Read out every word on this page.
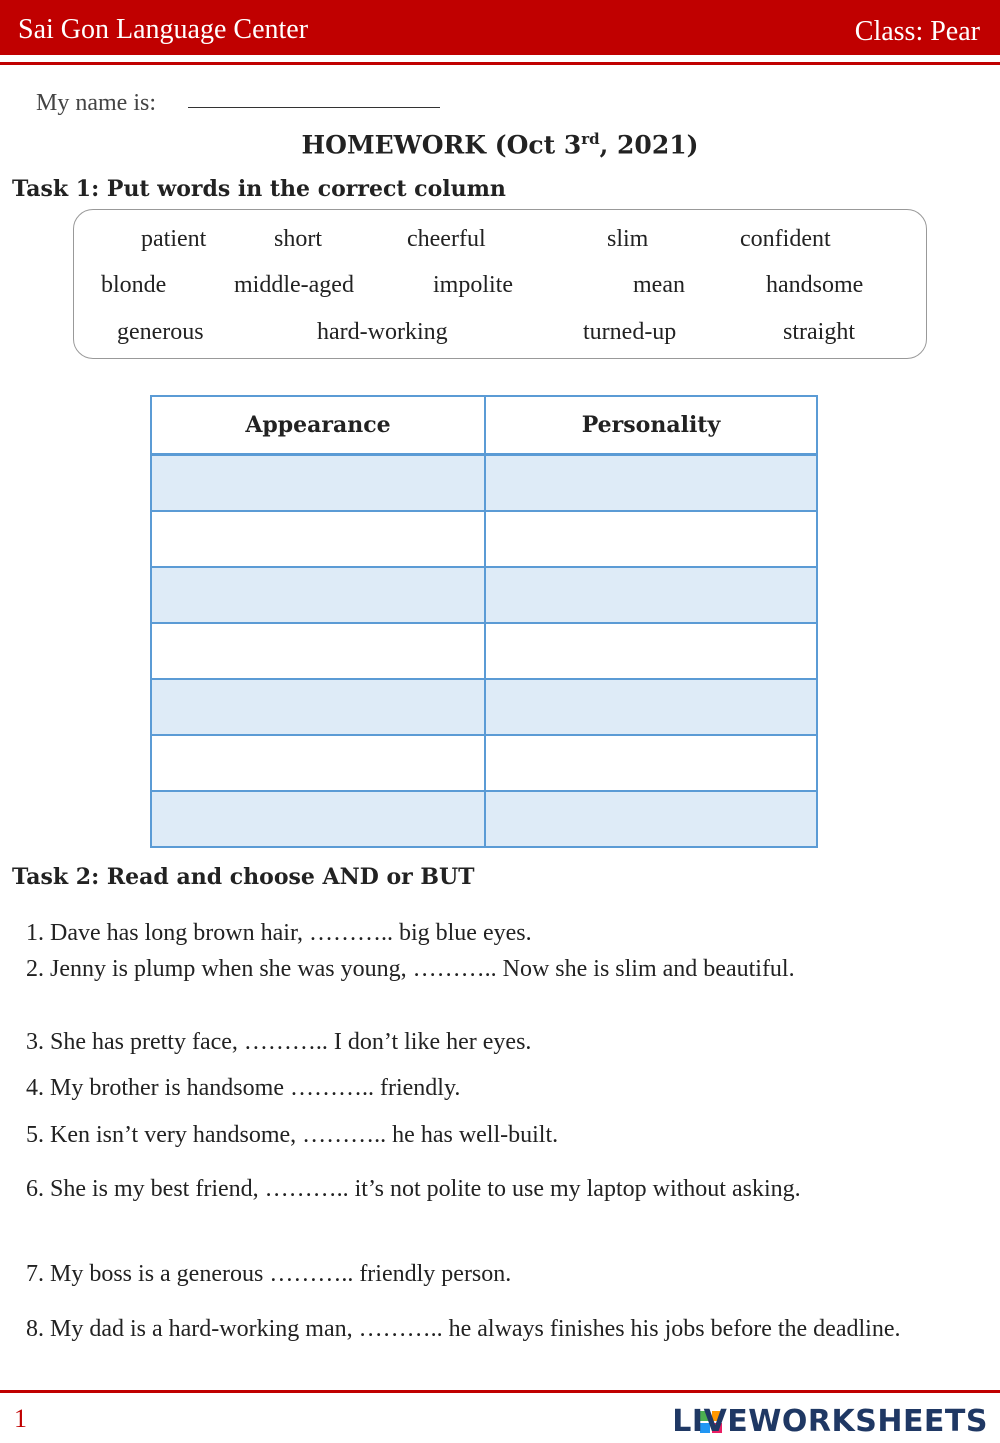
Sai Gon Language Center	Class: Pear
My name is:
HOMEWORK (Oct 3rd, 2021)
Task 1: Put words in the correct column
patient	short	cheerful	slim	confident
blonde	middle-aged	impolite	mean	handsome
generous	hard-working	turned-up	straight
Appearance	Personality

Task 2: Read and choose AND or BUT
1. Dave has long brown hair, ……….. big blue eyes.
2. Jenny is plump when she was young, ……….. Now she is slim and beautiful.
3. She has pretty face, ……….. I don’t like her eyes.
4. My brother is handsome ……….. friendly.
5. Ken isn’t very handsome, ……….. he has well-built.
6. She is my best friend, ……….. it’s not polite to use my laptop without asking.
7. My boss is a generous ……….. friendly person.
8. My dad is a hard-working man, ……….. he always finishes his jobs before the deadline.
1	LIVEWORKSHEETS
